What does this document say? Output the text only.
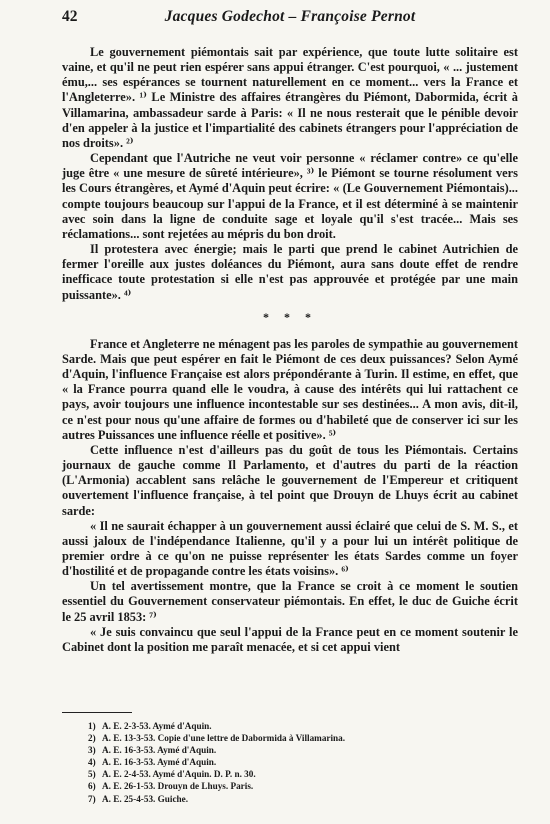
42	Jacques Godechot – Françoise Pernot

Le gouvernement piémontais sait par expérience, que toute lutte solitaire est vaine, et qu'il ne peut rien espérer sans appui étranger. C'est pourquoi, « ... justement ému,... ses espérances se tournent naturellement en ce moment... vers la France et l'Angleterre». ¹⁾ Le Ministre des affaires étrangères du Piémont, Dabormida, écrit à Villamarina, ambassadeur sarde à Paris: « Il ne nous resterait que le pénible devoir d'en appeler à la justice et l'impartialité des cabinets étrangers pour l'appréciation de nos droits». ²⁾

Cependant que l'Autriche ne veut voir personne « réclamer contre» ce qu'elle juge être « une mesure de sûreté intérieure», ³⁾ le Piémont se tourne résolument vers les Cours étrangères, et Aymé d'Aquin peut écrire: « (Le Gouvernement Piémontais)... compte toujours beaucoup sur l'appui de la France, et il est déterminé à se maintenir avec soin dans la ligne de conduite sage et loyale qu'il s'est tracée... Mais ses réclamations... sont rejetées au mépris du bon droit.

Il protestera avec énergie; mais le parti que prend le cabinet Autrichien de fermer l'oreille aux justes doléances du Piémont, aura sans doute effet de rendre inefficace toute protestation si elle n'est pas approuvée et protégée par une main puissante». ⁴⁾

* * *

France et Angleterre ne ménagent pas les paroles de sympathie au gouvernement Sarde. Mais que peut espérer en fait le Piémont de ces deux puissances? Selon Aymé d'Aquin, l'influence Française est alors prépondérante à Turin. Il estime, en effet, que « la France pourra quand elle le voudra, à cause des intérêts qui lui rattachent ce pays, avoir toujours une influence incontestable sur ses destinées... A mon avis, dit-il, ce n'est pour nous qu'une affaire de formes ou d'habileté que de conserver ici sur les autres Puissances une influence réelle et positive». ⁵⁾

Cette influence n'est d'ailleurs pas du goût de tous les Piémontais. Certains journaux de gauche comme Il Parlamento, et d'autres du parti de la réaction (L'Armonia) accablent sans relâche le gouvernement de l'Empereur et critiquent ouvertement l'influence française, à tel point que Drouyn de Lhuys écrit au cabinet sarde:

« Il ne saurait échapper à un gouvernement aussi éclairé que celui de S. M. S., et aussi jaloux de l'indépendance Italienne, qu'il y a pour lui un intérêt politique de premier ordre à ce qu'on ne puisse représenter les états Sardes comme un foyer d'hostilité et de propagande contre les états voisins». ⁶⁾

Un tel avertissement montre, que la France se croit à ce moment le soutien essentiel du Gouvernement conservateur piémontais. En effet, le duc de Guiche écrit le 25 avril 1853: ⁷⁾

« Je suis convaincu que seul l'appui de la France peut en ce moment soutenir le Cabinet dont la position me paraît menacée, et si cet appui vient

1) A. E. 2-3-53. Aymé d'Aquin.
2) A. E. 13-3-53. Copie d'une lettre de Dabormida à Villamarina.
3) A. E. 16-3-53. Aymé d'Aquin.
4) A. E. 16-3-53. Aymé d'Aquin.
5) A. E. 2-4-53. Aymé d'Aquin. D. P. n. 30.
6) A. E. 26-1-53. Drouyn de Lhuys. Paris.
7) A. E. 25-4-53. Guiche.
